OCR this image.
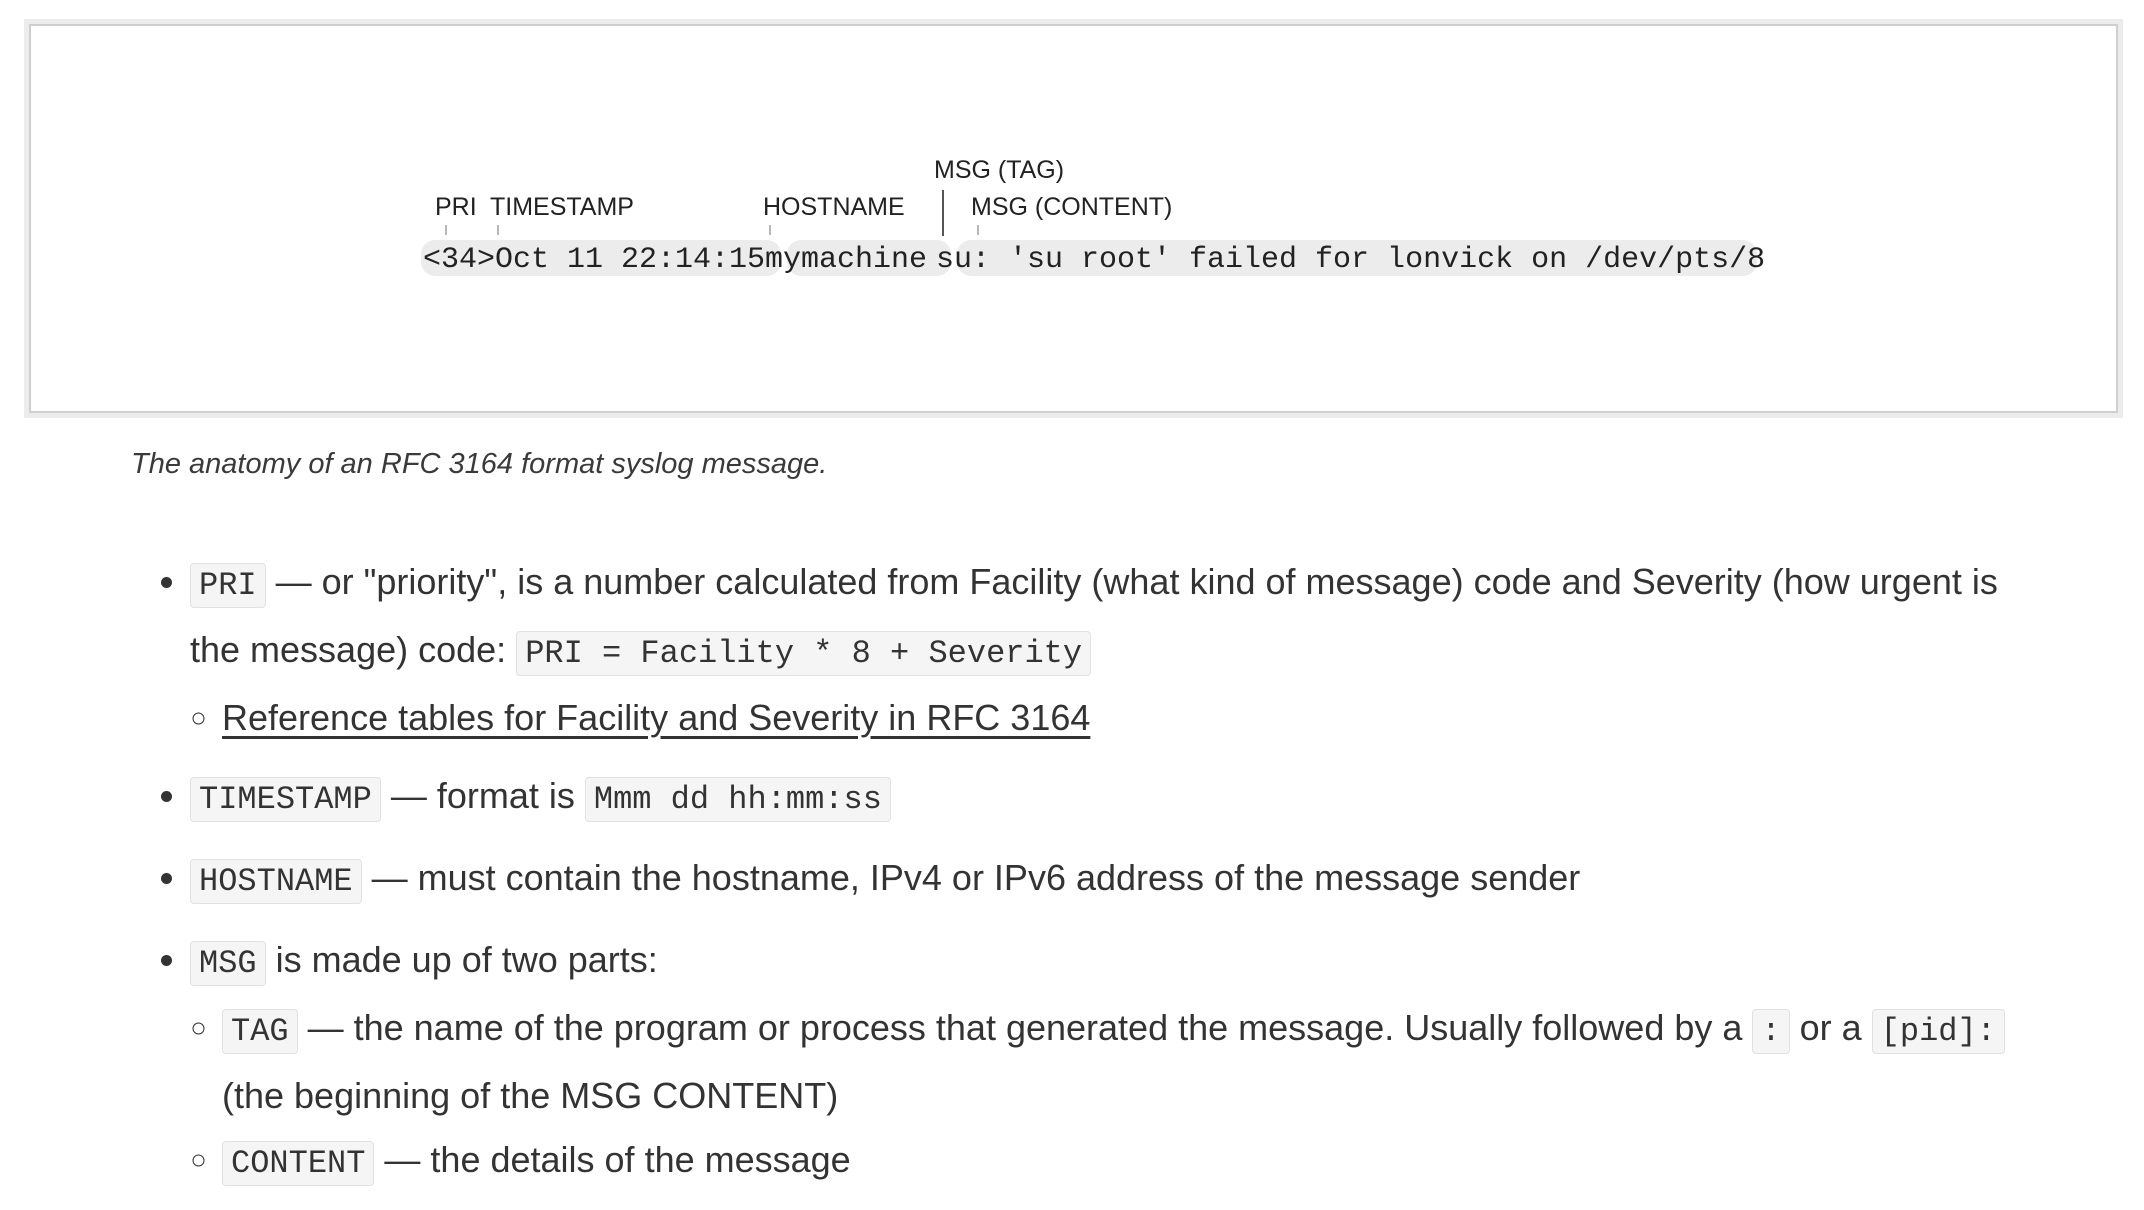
MSG (TAG)
PRI TIMESTAMP	HOSTNAME	MSG (CONTENT)
<34> Oct 11 22:14:15 mymachine su: 'su root' failed for lonvick on /dev/pts/8
The anatomy of an RFC 3164 format syslog message.
• PRI — or "priority", is a number calculated from Facility (what kind of message) code and Severity (how urgent is the message) code: PRI = Facility * 8 + Severity
◦ Reference tables for Facility and Severity in RFC 3164
• TIMESTAMP — format is Mmm dd hh:mm:ss
• HOSTNAME — must contain the hostname, IPv4 or IPv6 address of the message sender
• MSG is made up of two parts:
◦ TAG — the name of the program or process that generated the message. Usually followed by a : or a [pid]: (the beginning of the MSG CONTENT)
◦ CONTENT — the details of the message
